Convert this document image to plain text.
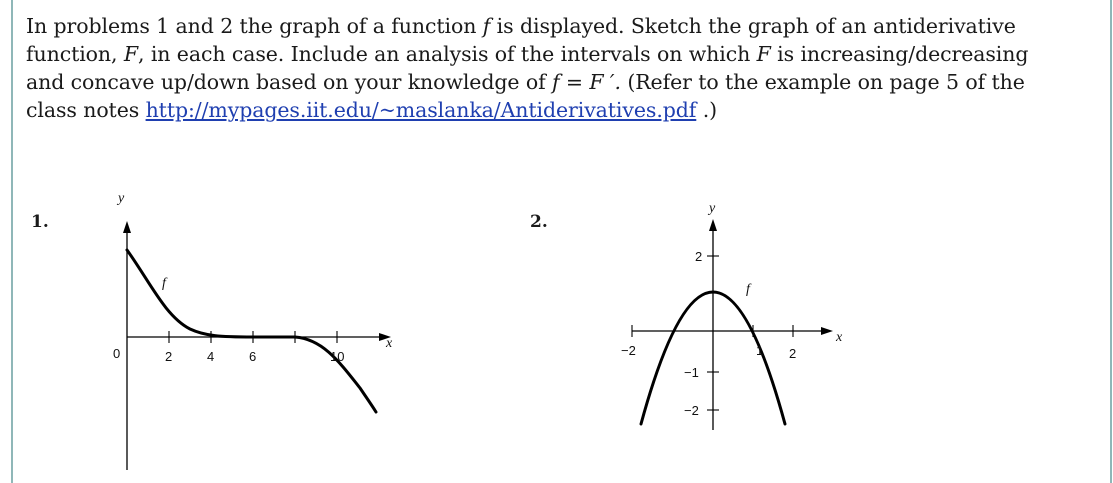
In problems 1 and 2 the graph of a function f is displayed. Sketch the graph of an antiderivative

function, F, in each case. Include an analysis of the intervals on which F is increasing/decreasing

and concave up/down based on your knowledge of f = F ′. (Refer to the example on page 5 of the

class notes http://mypages.iit.edu/~maslanka/Antiderivatives.pdf .)

1.	2.
y
x
0	2	4	6	10
f
y
x
−2	1 2
2
−1
−2
f
